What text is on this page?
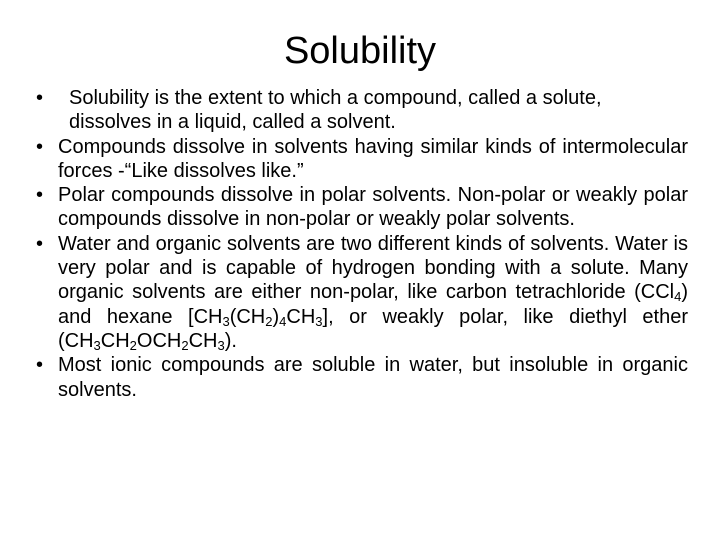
Solubility
• Solubility is the extent to which a compound, called a solute, dissolves in a liquid, called a solvent.
• Compounds dissolve in solvents having similar kinds of intermolecular forces -“Like dissolves like.”
• Polar compounds dissolve in polar solvents. Non-polar or weakly polar compounds dissolve in non-polar or weakly polar solvents.
• Water and organic solvents are two different kinds of solvents. Water is very polar and is capable of hydrogen bonding with a solute. Many organic solvents are either non-polar, like carbon tetrachloride (CCl$_4$) and hexane $[CH_3(CH_2)_4CH_3]$, or weakly polar, like diethyl ether $(CH_3CH_2OCH_2CH_3)$.
• Most ionic compounds are soluble in water, but insoluble in organic solvents.
